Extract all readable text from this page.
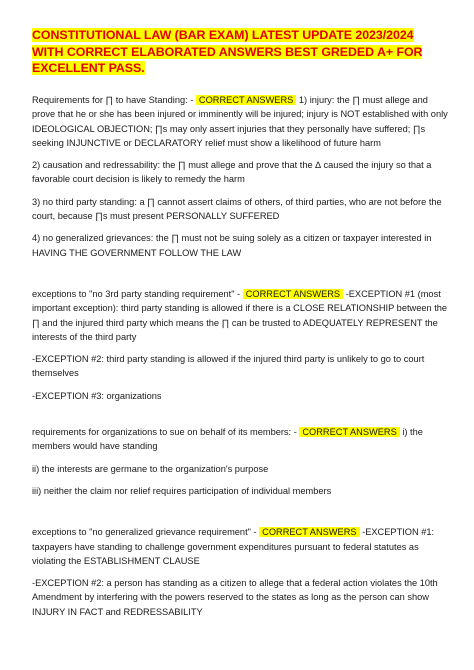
CONSTITUTIONAL LAW (BAR EXAM) LATEST UPDATE 2023/2024
WITH CORRECT ELABORATED ANSWERS BEST GREDED A+ FOR
EXCELLENT PASS.

Requirements for ∏ to have Standing: - CORRECT ANSWERS 1) injury: the ∏ must allege and prove that he or she has been injured or imminently will be injured; injury is NOT established with only IDEOLOGICAL OBJECTION; ∏s may only assert injuries that they personally have suffered; ∏s seeking INJUNCTIVE or DECLARATORY relief must show a likelihood of future harm

2) causation and redressability: the ∏ must allege and prove that the ∆ caused the injury so that a favorable court decision is likely to remedy the harm

3) no third party standing: a ∏ cannot assert claims of others, of third parties, who are not before the court, because ∏s must present PERSONALLY SUFFERED

4) no generalized grievances: the ∏ must not be suing solely as a citizen or taxpayer interested in HAVING THE GOVERNMENT FOLLOW THE LAW

exceptions to "no 3rd party standing requirement" - CORRECT ANSWERS -EXCEPTION #1 (most important exception): third party standing is allowed if there is a CLOSE RELATIONSHIP between the ∏ and the injured third party which means the ∏ can be trusted to ADEQUATELY REPRESENT the interests of the third party

-EXCEPTION #2: third party standing is allowed if the injured third party is unlikely to go to court themselves

-EXCEPTION #3: organizations

requirements for organizations to sue on behalf of its members: - CORRECT ANSWERS i) the members would have standing

ii) the interests are germane to the organization's purpose

iii) neither the claim nor relief requires participation of individual members

exceptions to "no generalized grievance requirement" - CORRECT ANSWERS -EXCEPTION #1: taxpayers have standing to challenge government expenditures pursuant to federal statutes as violating the ESTABLISHMENT CLAUSE

-EXCEPTION #2: a person has standing as a citizen to allege that a federal action violates the 10th Amendment by interfering with the powers reserved to the states as long as the person can show INJURY IN FACT and REDRESSABILITY
